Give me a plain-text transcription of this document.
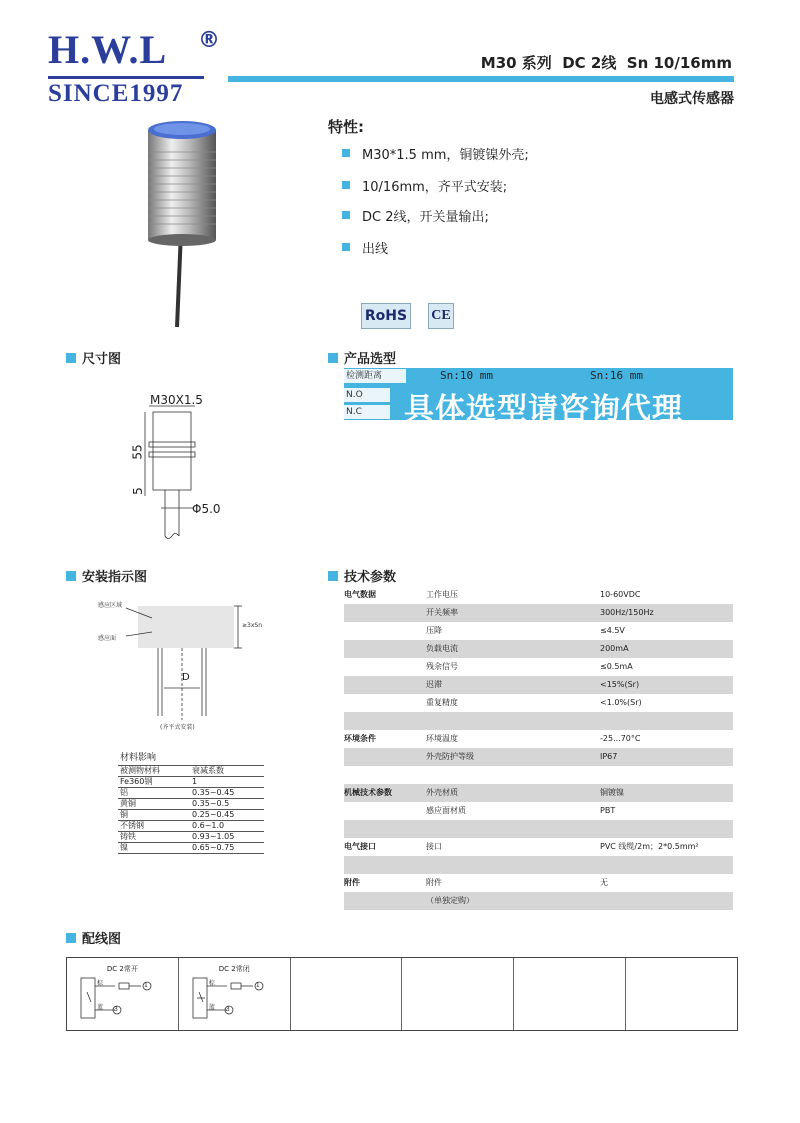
H.W.L ®
SINCE1997
M30 系列  DC 2线  Sn 10/16mm
电感式传感器
特性:
M30*1.5 mm，铜镀镍外壳;
10/16mm，齐平式安装;
DC 2线，开关量输出;
出线
RoHS CE
尺寸图
M30X1.5
55
5
Φ5.0
产品选型
检测距离	Sn:10 mm	Sn:16 mm
N.O
N.C	具体选型请咨询代理
安装指示图
感应区域
感应面
≥3xSn
D
(齐平式安装)
材料影响
被测物材料	衰减系数
Fe360钢	1
铝	0.35~0.45
黄铜	0.35~0.5
铜	0.25~0.45
不锈钢	0.6~1.0
铸铁	0.93~1.05
镍	0.65~0.75
技术参数
电气数据	工作电压	10-60VDC
开关频率	300Hz/150Hz
压降	≤4.5V
负载电流	200mA
残余信号	≤0.5mA
迟滞	<15%(Sr)
重复精度	<1.0%(Sr)
环境条件	环境温度	-25...70°C
外壳防护等级	IP67
机械技术参数	外壳材质	铜镀镍
感应面材质	PBT
电气接口	接口	PVC 线缆/2m；2*0.5mm²
附件	附件	无
（单独定购）
配线图
DC 2常开
棕
蓝
1
3
DC 2常闭
棕
蓝
1
3
